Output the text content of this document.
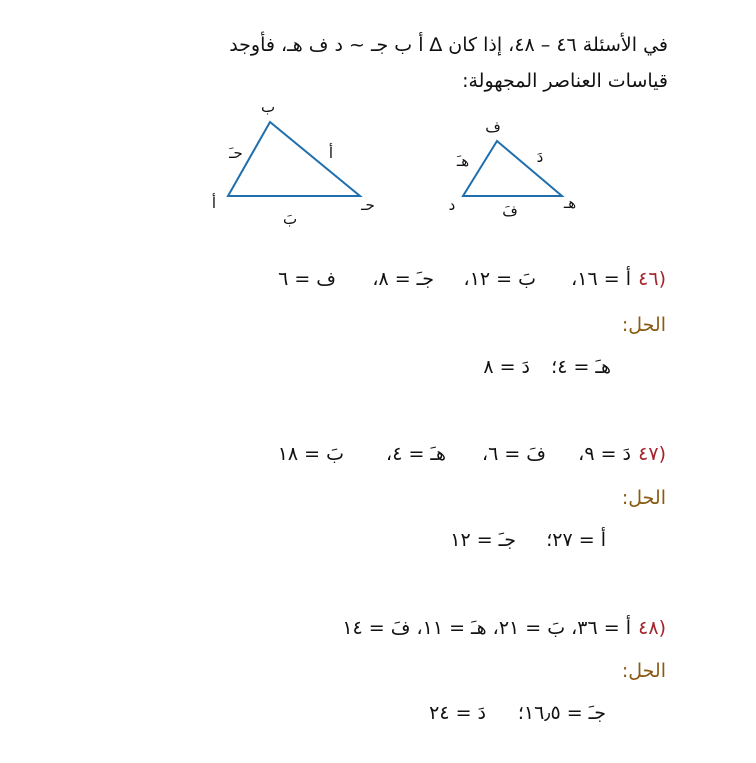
في الأسئلة ٤٦ – ٤٨، إذا كان ∆ أ ب جـ ~ د ف هـ، فأوجد
قياسات العناصر المجهولة:
ب
أ	حـ
حـَ	أ
بَ
ف
د	هـ
هـَ	دَ
فَ
٤٦)
أ = ١٦،
بَ = ١٢،
جـَ = ٨،
ف = ٦
الحل:
هـَ = ٤؛
دَ = ٨
٤٧)
دَ = ٩،
فَ = ٦،
هـَ = ٤،
بَ = ١٨
الحل:
أ = ٢٧؛
جـَ = ١٢
٤٨)
أ = ٣٦، بَ = ٢١، هـَ = ١١، فَ = ١٤
الحل:
جـَ = ١٦٫٥؛
دَ = ٢٤
